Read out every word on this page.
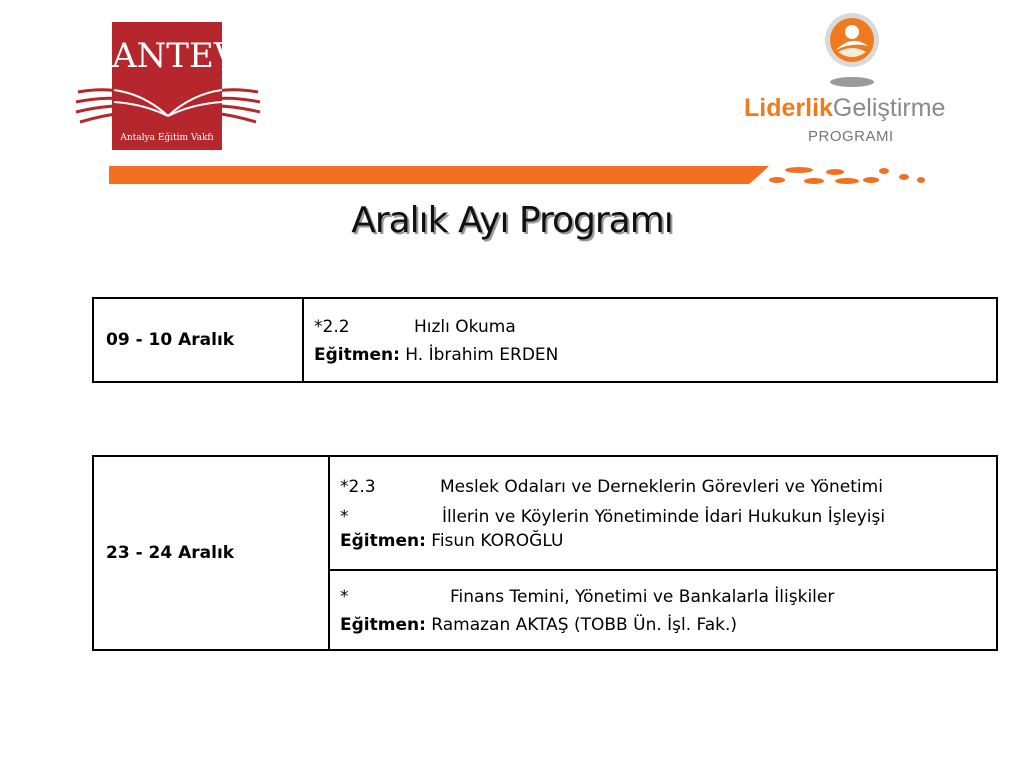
ANTEV
Antalya Eğitim Vakfı
LiderlikGeliştirme
PROGRAMI
Aralık Ayı Programı
09 - 10 Aralık	
*2.2	Hızlı Okuma
Eğitmen: H. İbrahim ERDEN
23 - 24 Aralık	
*2.3	Meslek Odaları ve Derneklerin Görevleri ve Yönetimi
*	İllerin ve Köylerin Yönetiminde İdari Hukukun İşleyişi
Eğitmen: Fisun KOROĞLU

*	Finans Temini, Yönetimi ve Bankalarla İlişkiler
Eğitmen: Ramazan AKTAŞ (TOBB Ün. İşl. Fak.)
